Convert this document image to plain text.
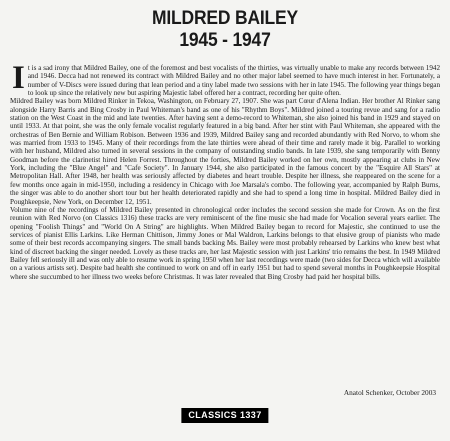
MILDRED BAILEY
1945 - 1947

It is a sad irony that Mildred Bailey, one of the foremost and best vocalists of the thirties, was virtually unable to make any records between 1942 and 1946. Decca had not renewed its contract with Mildred Bailey and no other major label seemed to have much interest in her. Fortunately, a number of V-Discs were issued during that lean period and a tiny label made two sessions with her in late 1945. The following year things began to look up since the relatively new but aspiring Majestic label offered her a contract, recording her quite often.

Mildred Bailey was born Mildred Rinker in Tekoa, Washington, on February 27, 1907. She was part Cœur d'Alena Indian. Her brother Al Rinker sang alongside Harry Barris and Bing Crosby in Paul Whiteman's band as one of his "Rhythm Boys". Mildred joined a touring revue and sang for a radio station on the West Coast in the mid and late twenties. After having sent a demo-record to Whiteman, she also joined his band in 1929 and stayed on until 1933. At that point, she was the only female vocalist regularly featured in a big band. After her stint with Paul Whiteman, she appeared with the orchestras of Ben Bernie and William Robison. Between 1936 and 1939, Mildred Bailey sang and recorded abundantly with Red Norvo, to whom she was married from 1933 to 1945. Many of their recordings from the late thirties were ahead of their time and rarely made it big. Parallel to working with her husband, Mildred also turned in several sessions in the company of outstanding studio bands. In late 1939, she sang temporarily with Benny Goodman before the clarinetist hired Helen Forrest. Throughout the forties, Mildred Bailey worked on her own, mostly appearing at clubs in New York, including the "Blue Angel" and "Cafe Society". In January 1944, she also participated in the famous concert by the "Esquire All Stars" at Metropolitan Hall. After 1948, her health was seriously affected by diabetes and heart trouble. Despite her illness, she reappeared on the scene for a few months once again in mid-1950, including a residency in Chicago with Joe Marsala's combo. The following year, accompanied by Ralph Burns, the singer was able to do another short tour but her health deteriorated rapidly and she had to spend a long time in hospital. Mildred Bailey died in Poughkeepsie, New York, on December 12, 1951.

Volume nine of the recordings of Mildred Bailey presented in chronological order includes the second session she made for Crown. As on the first reunion with Red Norvo (on Classics 1316) these tracks are very reminiscent of the fine music she had made for Vocalion several years earlier. The opening "Foolish Things" and "World On A String" are highlights. When Mildred Bailey began to record for Majestic, she continued to use the services of pianist Ellis Larkins. Like Herman Chittison, Jimmy Jones or Mal Waldron, Larkins belongs to that elusive group of pianists who made some of their best records accompanying singers. The small bands backing Ms. Bailey were most probably rehearsed by Larkins who knew best what kind of discreet backing the singer needed. Lovely as these tracks are, her last Majestic session with just Larkins' trio remains the best. In 1949 Mildred Bailey fell seriously ill and was only able to resume work in spring 1950 when her last recordings were made (two sides for Decca which will available on a various artists set). Despite bad health she continued to work on and off in early 1951 but had to spend several months in Poughkeepsie Hospital where she succumbed to her illness two weeks before Christmas. It was later revealed that Bing Crosby had paid her hospital bills.

Anatol Schenker, October 2003
CLASSICS 1337
